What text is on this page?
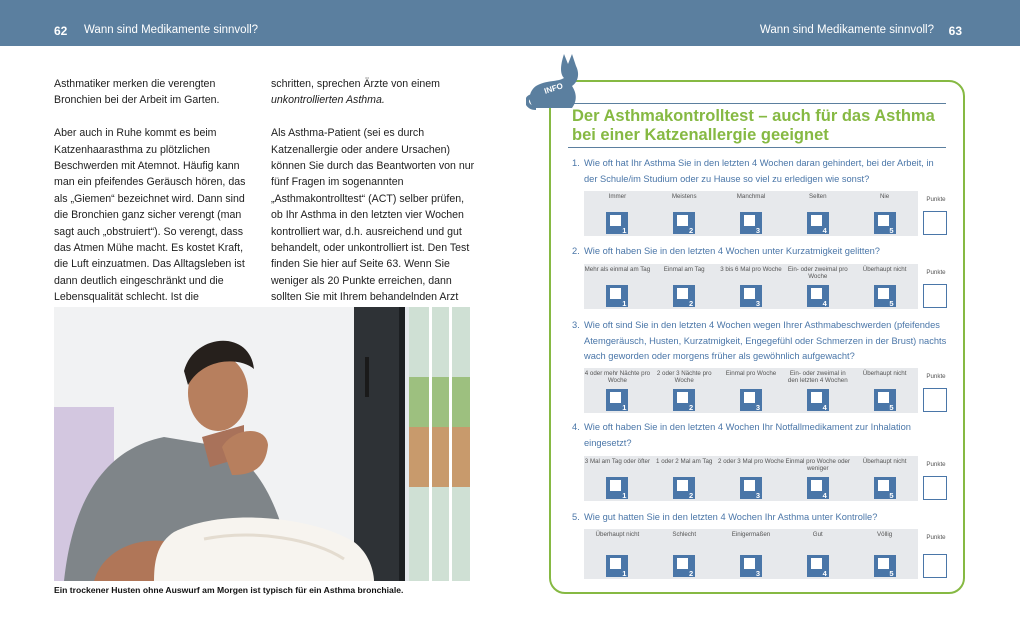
62 Wann sind Medikamente sinnvoll?	Wann sind Medikamente sinnvoll? 63

Asthmatiker merken die verengten Bronchien bei der Arbeit im Garten.

Aber auch in Ruhe kommt es beim Katzenhaarasthma zu plötzlichen Beschwerden mit Atemnot. Häufig kann man ein pfeifendes Geräusch hören, das als „Giemen“ bezeichnet wird. Dann sind die Bronchien ganz sicher verengt (man sagt auch „obstruiert“). So verengt, dass das Atmen Mühe macht. Es kostet Kraft, die Luft einzuatmen. Das Alltagsleben ist dann deutlich eingeschränkt und die Lebensqualität schlecht. Ist die

schritten, sprechen Ärzte von einem unkontrollierten Asthma.

Als Asthma-Patient (sei es durch Katzenallergie oder andere Ursachen) können Sie durch das Beantworten von nur fünf Fragen im sogenannten „Asthmakontrolltest“ (ACT) selber prüfen, ob Ihr Asthma in den letzten vier Wochen kontrolliert war, d.h. ausreichend und gut behandelt, oder unkontrolliert ist. Den Test finden Sie hier auf Seite 63. Wenn Sie weniger als 20 Punkte erreichen, dann sollten Sie mit Ihrem behandelnden Arzt

Ein trockener Husten ohne Auswurf am Morgen ist typisch für ein Asthma bronchiale.
INFO
Der Asthmakontrolltest – auch für das Asthma bei einer Katzenallergie geeignet
1. Wie oft hat Ihr Asthma Sie in den letzten 4 Wochen daran gehindert, bei der Arbeit, in der Schule/im Studium oder zu Hause so viel zu erledigen wie sonst?
Immer
1
Meistens
2
Manchmal
3
Selten
4
Nie
5
Punkte
2. Wie oft haben Sie in den letzten 4 Wochen unter Kurzatmigkeit gelitten?
Mehr als einmal am Tag
1
Einmal am Tag
2
3 bis 6 Mal pro Woche
3
Ein- oder zweimal pro Woche
4
Überhaupt nicht
5
Punkte
3. Wie oft sind Sie in den letzten 4 Wochen wegen Ihrer Asthmabeschwerden (pfeifendes Atemgeräusch, Husten, Kurzatmigkeit, Engegefühl oder Schmerzen in der Brust) nachts wach geworden oder morgens früher als gewöhnlich aufgewacht?
4 oder mehr Nächte pro Woche
1
2 oder 3 Nächte pro Woche
2
Einmal pro Woche
3
Ein- oder zweimal in den letzten 4 Wochen
4
Überhaupt nicht
5
Punkte
4. Wie oft haben Sie in den letzten 4 Wochen Ihr Notfallmedikament zur Inhalation eingesetzt?
3 Mal am Tag oder öfter
1
1 oder 2 Mal am Tag
2
2 oder 3 Mal pro Woche
3
Einmal pro Woche oder weniger
4
Überhaupt nicht
5
Punkte
5. Wie gut hatten Sie in den letzten 4 Wochen Ihr Asthma unter Kontrolle?
Überhaupt nicht
1
Schlecht
2
Einigermaßen
3
Gut
4
Völlig
5
Punkte
